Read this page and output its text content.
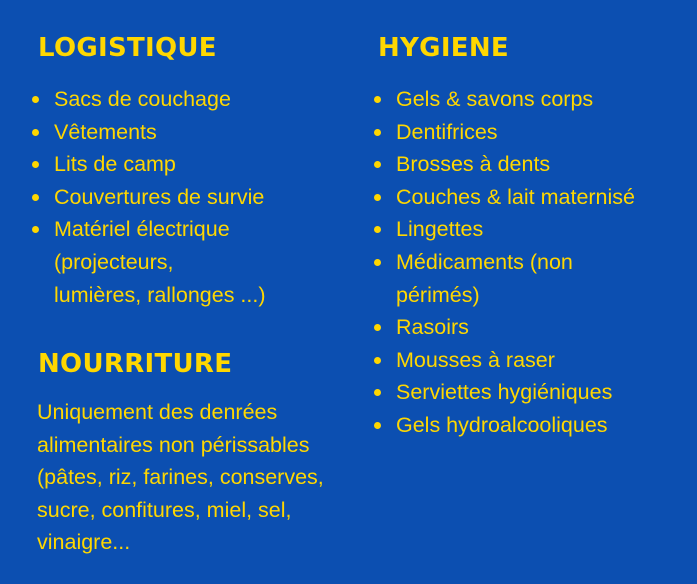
LOGISTIQUE
Sacs de couchage
Vêtements
Lits de camp
Couvertures de survie
Matériel électrique
(projecteurs,
lumières, rallonges ...)
HYGIENE
Gels & savons corps
Dentifrices
Brosses à dents
Couches & lait maternisé
Lingettes
Médicaments (non
périmés)
Rasoirs
Mousses à raser
Serviettes hygiéniques
Gels hydroalcooliques
NOURRITURE

Uniquement des denrées
alimentaires non périssables
(pâtes, riz, farines, conserves,
sucre, confitures, miel, sel,
vinaigre...
